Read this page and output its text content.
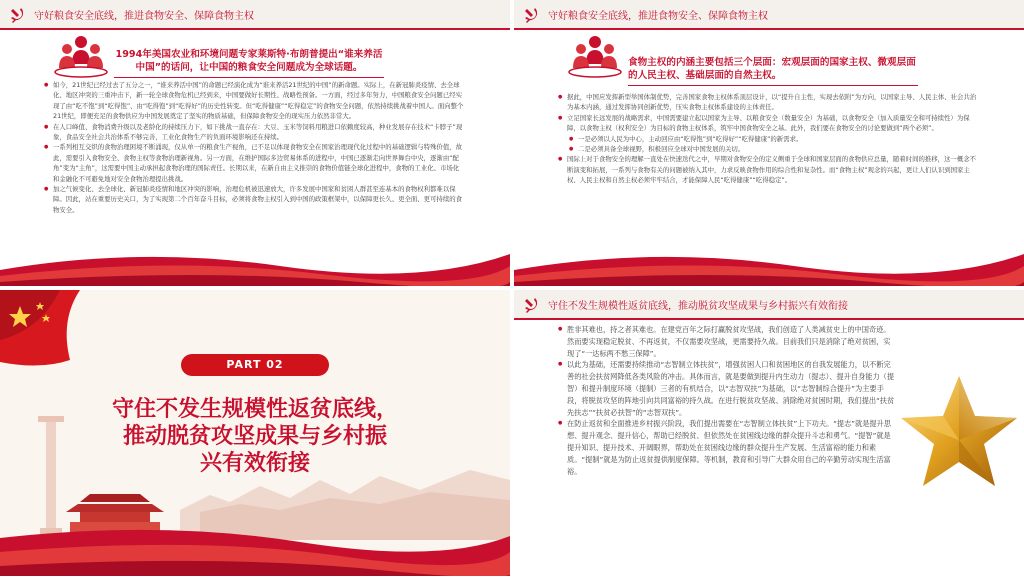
守好粮食安全底线，推进食物安全、保障食物主权
1994年美国农业和环境问题专家莱斯特·布朗普提出“谁来养活中国”的话问，让中国的粮食安全问题成为全球话题。
● 如今，21世纪已经过去了五分之一，“谁来养活中国”的命题已经演化成为“谁来养活21世纪的中国”的新命题。实际上，在新冠肺炎疫情、去全球化、地区冲突的三重冲击下，新一轮全球食物危机已经到来，中国要做好长期性、战略性预备。一方面，经过多年努力，中国粮食安全问题已经实现了由“吃不饱”到“吃得饱”、由“吃得饱”到“吃得好”的历史性转变。但“吃得健康”“吃得稳定”的食物安全问题，依然持续挑战着中国人。面向整个21世纪，即便充足的食物供应为中国发展奠定了坚实的物质基础，但保障食物安全的现实压力依然非常大。
● 在人口峰值、食物消费升级以及老龄化的持续压力下，如下挑战一直存在：大豆、玉米等饲料用粮进口依赖度较高，种业发展存在技术“卡脖子”现象，食品安全社会共治体系不够完善，工业化食物生产的负面环境影响还在持续。
● 一系列相互交织的食物治理困境不断涌现，仅从单一的粮食生产视角，已不足以体现食物安全在国家治理现代化过程中的基础逻辑与特殊价值，故此，需要引入食物安全、食物主权等食物治理新视角。另一方面，在维护国际多边贸易体系的进程中，中国已逐渐走向世界舞台中央，逐渐由“配角”变为“主角”，这需要中国主动承担起食物治理的国际责任。长期以来，在新自由主义推崇的食物价值链全球化进程中，食物的工业化、市场化和金融化不可避免地对安全食物治理提出挑战。
● 加之气候变化、去全球化、新冠肺炎疫情和地区冲突的影响，治理危机被迅速放大，许多发展中国家和贫困人群甚至连基本的食物权利都难以保障。因此，站在重要历史关口，为了实现第二个百年奋斗目标，必须将食物主权引入到中国的政策框架中，以保障更长久、更全面、更可持续的食物安全。
守好粮食安全底线，推进食物安全、保障食物主权
食物主权的内涵主要包括三个层面：宏观层面的国家主权、微观层面的人民主权、基础层面的自然主权。
● 据此，中国应发挥新型举国体制优势，完善国家食物主权体系顶层设计，以“提升自主性，实现去依附”为方向，以国家主导、人民主体、社会共治为基本内涵，通过发挥协同创新优势，压实食物主权体系建设的主体责任。
● 立足国家长远发展的战略需求，中国需要建立起以国家为主导、以粮食安全（数量安全）为基础，以食物安全（加入质量安全和可持续性）为保障，以食物主权（权利安全）为目标的食物主权体系，筑牢中国食物安全之基。此外，我们要在食物安全的讨论要做到“两个必须”。
● 一是必须以人民为中心，主动回应由“吃得饱”到“吃得好”“吃得健康”的新需求。
● 二是必须具备全球视野，积极回应全球对中国发展的关切。
● 国际上对于食物安全的理解一直处在快速迭代之中，早期对食物安全的定义侧重于全球和国家层面的食物供应总量，随着时间的推移，这一概念不断演变和拓展，一系列与食物有关的问题被纳入其中，力求反映食物作用的综合性和复杂性。而“食物主权”观念的兴起，更让人们认识到国家主权、人民主权和自然主权必须牢牢结合，才能保障人民“吃得健康”“吃得稳定”。
PART 02
守住不发生规模性返贫底线，
推动脱贫攻坚成果与乡村振
兴有效衔接
守住不发生规模性返贫底线，推动脱贫攻坚成果与乡村振兴有效衔接
● 胜非其难也，持之者其难也。在建党百年之际打赢脱贫攻坚战，我们创造了人类减贫史上的中国奇迹。然而要实现稳定脱贫、不再返贫，不仅需要攻坚战，更需要持久战。目前我们只是消除了绝对贫困，实现了“一达标两不愁三保障”。
● 以此为基础，还需要持续推动“志智制立体扶贫”，增强贫困人口和贫困地区的自我发展能力，以不断完善的社会扶贫网降低各类风险的冲击。具体而言，就是要做到提升内生动力（提志）、提升自身能力（提智）和提升制度环境（提制）三者的有机结合，以“志智双扶”为基础，以“志智制综合提升”为主要手段，将脱贫攻坚的阵地引向共同富裕的持久战。在进行脱贫攻坚战、消除绝对贫困时期，我们提出“扶贫先扶志”“扶贫必扶智”的“志智双扶”。
● 在防止返贫和全面推进乡村振兴阶段，我们提出需要在“志智制立体扶贫”上下功夫。“提志”就是提升思想、提升观念、提升信心，帮助已经脱贫、但依然处在贫困线边缘的群众提升斗志和勇气。“提智”就是提升知识、提升技术、开阔眼界，帮助处在贫困线边缘的群众提升生产发展、生活富裕的能力和素质。“提制”就是为防止返贫提供制度保障。等机制，教育和引导广大群众用自己的辛勤劳动实现生活富裕。
